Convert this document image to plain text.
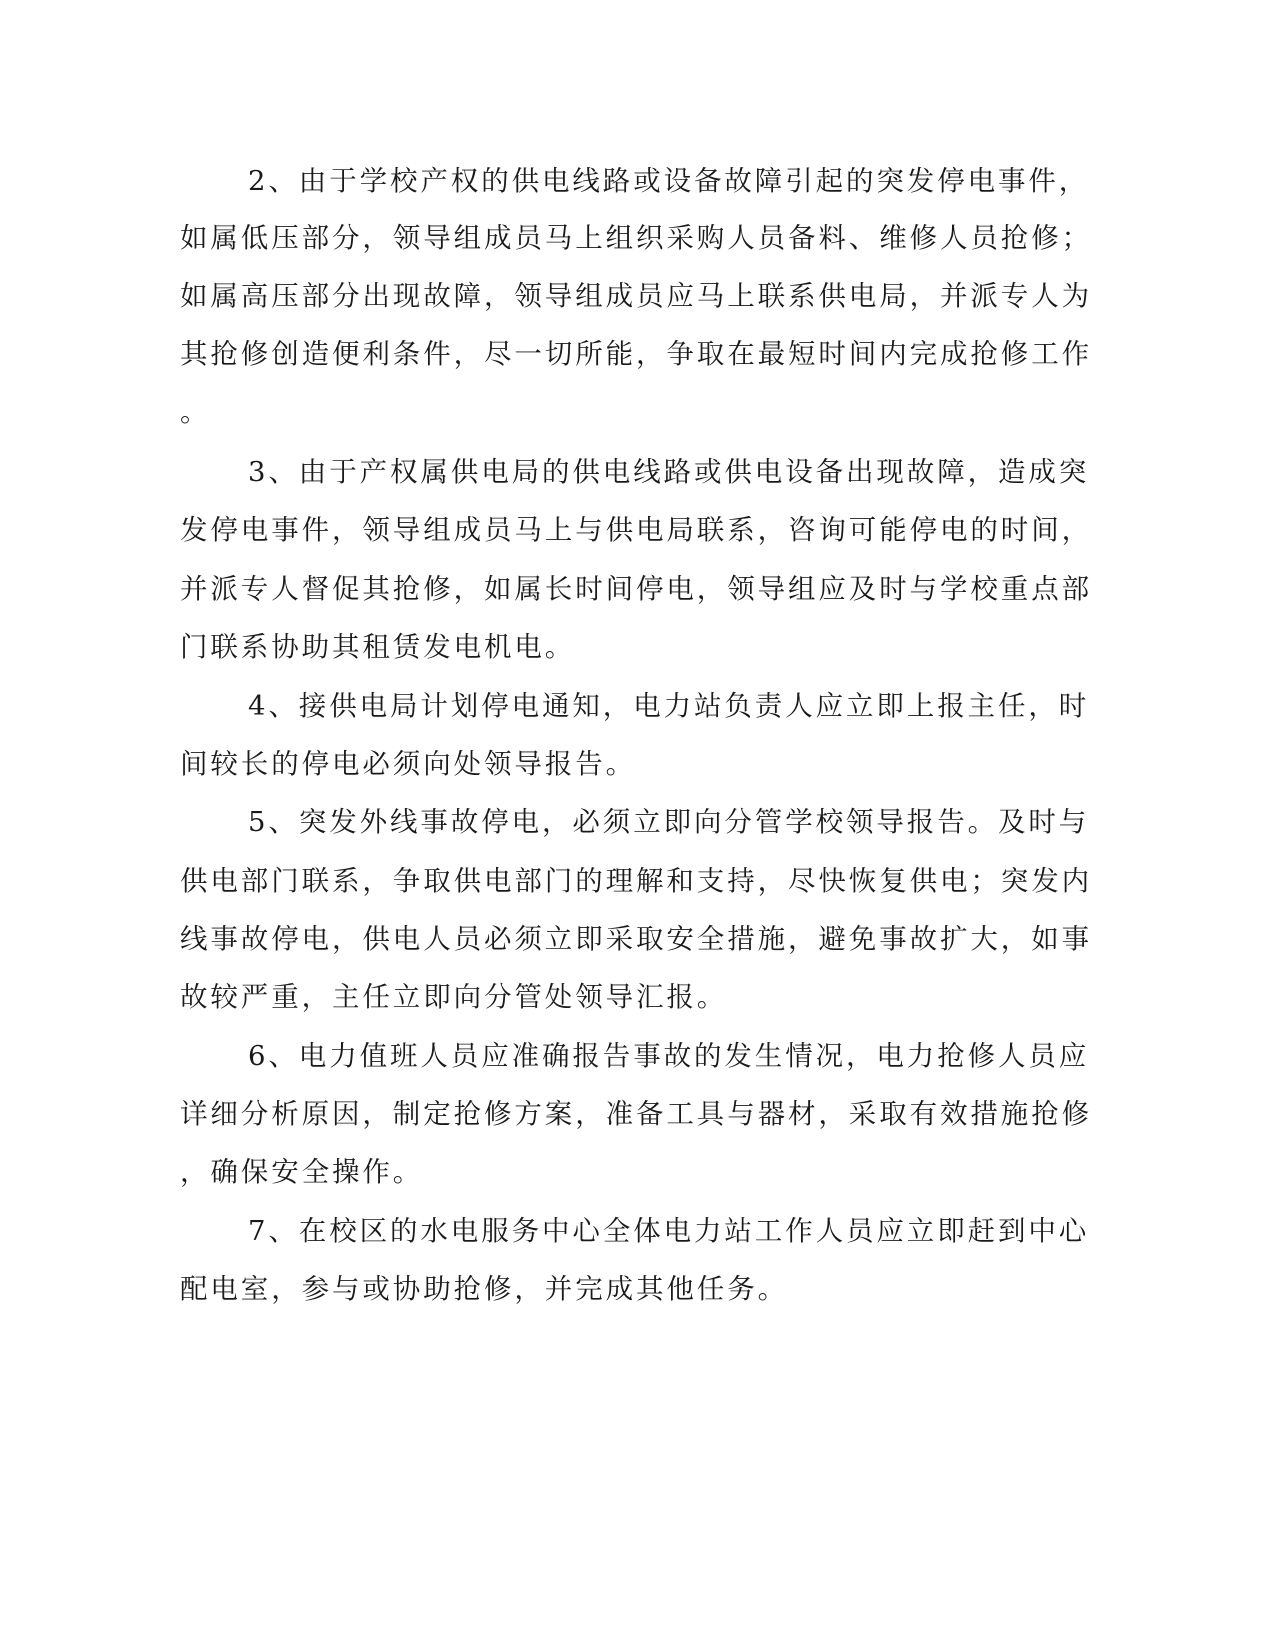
2、由于学校产权的供电线路或设备故障引起的突发停电事件，

如属低压部分，领导组成员马上组织采购人员备料、维修人员抢修；

如属高压部分出现故障，领导组成员应马上联系供电局，并派专人为

其抢修创造便利条件，尽一切所能，争取在最短时间内完成抢修工作

。

3、由于产权属供电局的供电线路或供电设备出现故障，造成突

发停电事件，领导组成员马上与供电局联系，咨询可能停电的时间，

并派专人督促其抢修，如属长时间停电，领导组应及时与学校重点部

门联系协助其租赁发电机电。

4、接供电局计划停电通知，电力站负责人应立即上报主任，时

间较长的停电必须向处领导报告。

5、突发外线事故停电，必须立即向分管学校领导报告。及时与

供电部门联系，争取供电部门的理解和支持，尽快恢复供电；突发内

线事故停电，供电人员必须立即采取安全措施，避免事故扩大，如事

故较严重，主任立即向分管处领导汇报。

6、电力值班人员应准确报告事故的发生情况，电力抢修人员应

详细分析原因，制定抢修方案，准备工具与器材，采取有效措施抢修

，确保安全操作。

7、在校区的水电服务中心全体电力站工作人员应立即赶到中心

配电室，参与或协助抢修，并完成其他任务。
